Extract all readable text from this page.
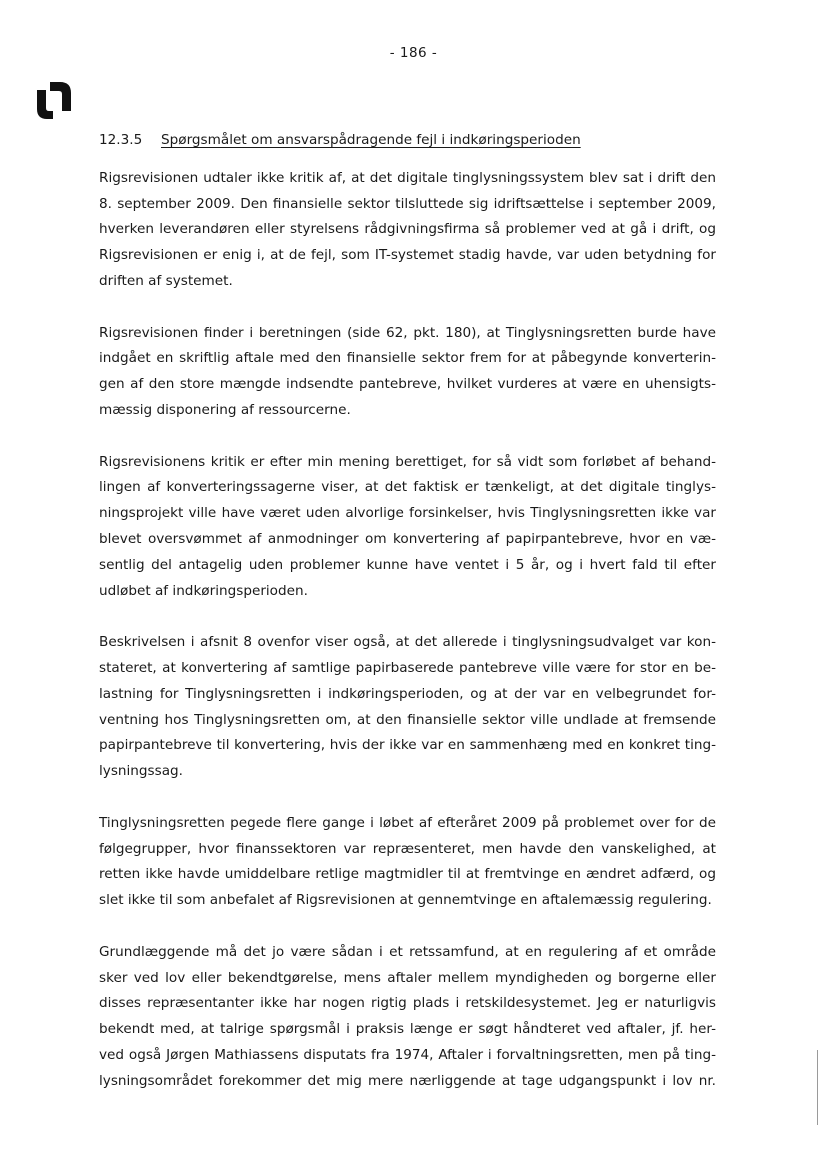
- 186 -
12.3.5 Spørgsmålet om ansvarspådragende fejl i indkøringsperioden
Rigsrevisionen udtaler ikke kritik af, at det digitale tinglysningssystem blev sat i drift den
8. september 2009. Den finansielle sektor tilsluttede sig idriftsættelse i september 2009,
hverken leverandøren eller styrelsens rådgivningsfirma så problemer ved at gå i drift, og
Rigsrevisionen er enig i, at de fejl, som IT-systemet stadig havde, var uden betydning for
driften af systemet.
Rigsrevisionen finder i beretningen (side 62, pkt. 180), at Tinglysningsretten burde have
indgået en skriftlig aftale med den finansielle sektor frem for at påbegynde konverterin-
gen af den store mængde indsendte pantebreve, hvilket vurderes at være en uhensigts-
mæssig disponering af ressourcerne.
Rigsrevisionens kritik er efter min mening berettiget, for så vidt som forløbet af behand-
lingen af konverteringssagerne viser, at det faktisk er tænkeligt, at det digitale tinglys-
ningsprojekt ville have været uden alvorlige forsinkelser, hvis Tinglysningsretten ikke var
blevet oversvømmet af anmodninger om konvertering af papirpantebreve, hvor en væ-
sentlig del antagelig uden problemer kunne have ventet i 5 år, og i hvert fald til efter
udløbet af indkøringsperioden.
Beskrivelsen i afsnit 8 ovenfor viser også, at det allerede i tinglysningsudvalget var kon-
stateret, at konvertering af samtlige papirbaserede pantebreve ville være for stor en be-
lastning for Tinglysningsretten i indkøringsperioden, og at der var en velbegrundet for-
ventning hos Tinglysningsretten om, at den finansielle sektor ville undlade at fremsende
papirpantebreve til konvertering, hvis der ikke var en sammenhæng med en konkret ting-
lysningssag.
Tinglysningsretten pegede flere gange i løbet af efteråret 2009 på problemet over for de
følgegrupper, hvor finanssektoren var repræsenteret, men havde den vanskelighed, at
retten ikke havde umiddelbare retlige magtmidler til at fremtvinge en ændret adfærd, og
slet ikke til som anbefalet af Rigsrevisionen at gennemtvinge en aftalemæssig regulering.
Grundlæggende må det jo være sådan i et retssamfund, at en regulering af et område
sker ved lov eller bekendtgørelse, mens aftaler mellem myndigheden og borgerne eller
disses repræsentanter ikke har nogen rigtig plads i retskildesystemet. Jeg er naturligvis
bekendt med, at talrige spørgsmål i praksis længe er søgt håndteret ved aftaler, jf. her-
ved også Jørgen Mathiassens disputats fra 1974, Aftaler i forvaltningsretten, men på ting-
lysningsområdet forekommer det mig mere nærliggende at tage udgangspunkt i lov nr.
